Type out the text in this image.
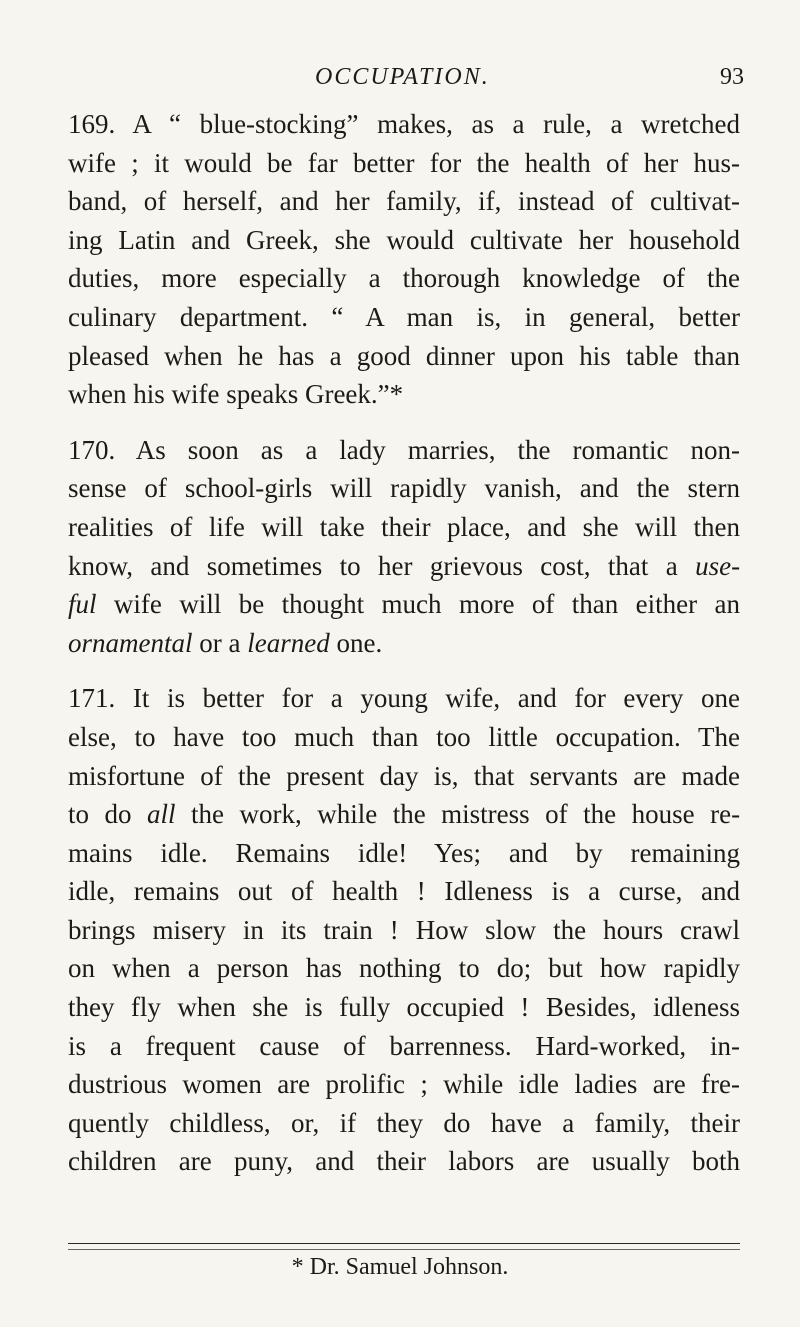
OCCUPATION.	93
169. A “ blue-stocking” makes, as a rule, a wretched
wife ; it would be far better for the health of her hus-
band, of herself, and her family, if, instead of cultivat-
ing Latin and Greek, she would cultivate her household
duties, more especially a thorough knowledge of the
culinary department. “ A man is, in general, better
pleased when he has a good dinner upon his table than
when his wife speaks Greek.”*
170. As soon as a lady marries, the romantic non-
sense of school-girls will rapidly vanish, and the stern
realities of life will take their place, and she will then
know, and sometimes to her grievous cost, that a use-
ful wife will be thought much more of than either an
ornamental or a learned one.
171. It is better for a young wife, and for every one
else, to have too much than too little occupation. The
misfortune of the present day is, that servants are made
to do all the work, while the mistress of the house re-
mains idle. Remains idle! Yes; and by remaining
idle, remains out of health ! Idleness is a curse, and
brings misery in its train ! How slow the hours crawl
on when a person has nothing to do; but how rapidly
they fly when she is fully occupied ! Besides, idleness
is a frequent cause of barrenness. Hard-worked, in-
dustrious women are prolific ; while idle ladies are fre-
quently childless, or, if they do have a family, their
children are puny, and their labors are usually both
* Dr. Samuel Johnson.
